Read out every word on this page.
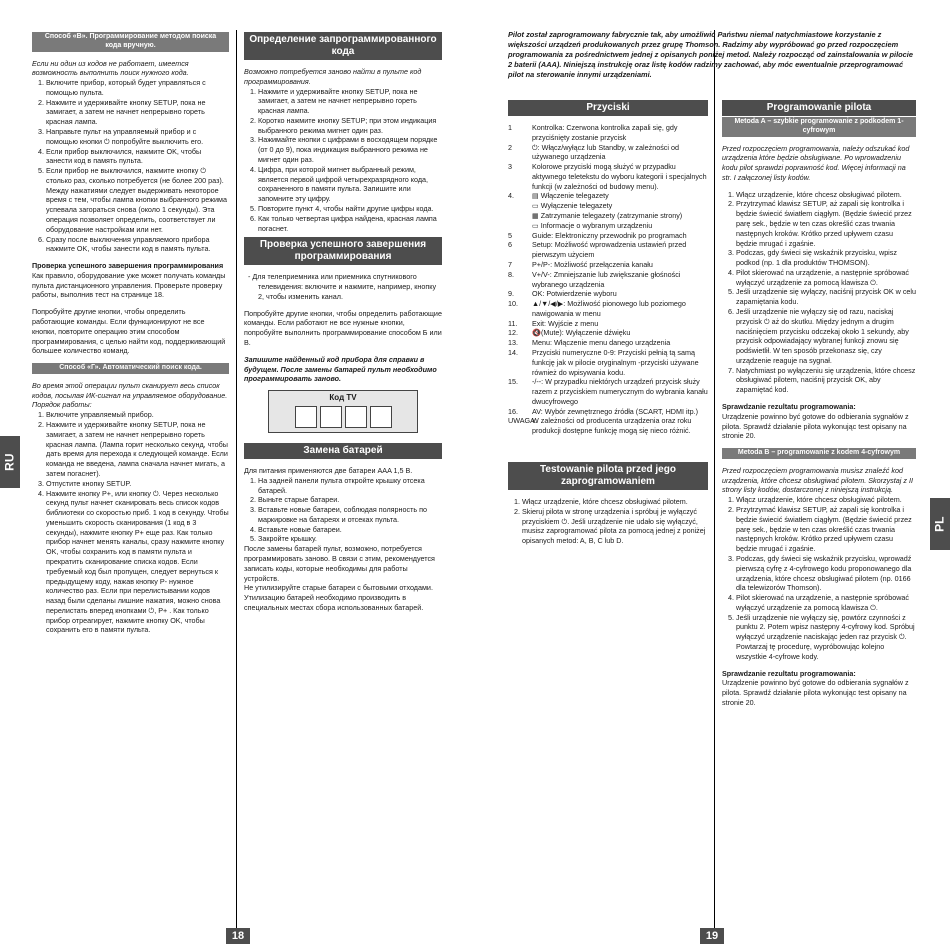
RU
18
Способ «B». Программирование методом поиска кода вручную.

Если ни один из кодов не работает, имеется возможность выполнить поиск нужного кода.

1. Включите прибор, который будет управляться с помощью пульта.
2. Нажмите и удерживайте кнопку SETUP, пока не замигает, а затем не начнет непрерывно гореть красная лампа.
3. Направьте пульт на управляемый прибор и с помощью кнопки ⏻ попробуйте выключить его.
4. Если прибор выключился, нажмите OK, чтобы занести код в память пульта.
5. Если прибор не выключился, нажмите кнопку ⏻ столько раз, сколько потребуется (не более 200 раз). Между нажатиями следует выдерживать некоторое время с тем, чтобы лампа кнопки выбранного режима успевала загораться снова (около 1 секунды). Эта операция позволяет определить, соответствует ли оборудование настройкам или нет.
6. Сразу после выключения управляемого прибора нажмите OK, чтобы занести код в память пульта.

Проверка успешного завершения программирования

Как правило, оборудование уже может получать команды пульта дистанционного управления. Проверьте проверку работы, выполнив тест на странице 18.

Попробуйте другие кнопки, чтобы определить работающие команды. Если функционируют не все кнопки, повторите операцию этим способом программирования, с целью найти код, поддерживающий большее количество команд.

Способ «Г». Автоматический поиск кода.

Во время этой операции пульт сканирует весь список кодов, посылая ИК-сигнал на управляемое оборудование. Порядок работы:

1. Включите управляемый прибор.
2. Нажмите и удерживайте кнопку SETUP, пока не замигает, а затем не начнет непрерывно гореть красная лампа. (Лампа горит несколько секунд, чтобы дать время для перехода к следующей команде. Если команда не введена, лампа сначала начнет мигать, а затем погаснет).
3. Отпустите кнопку SETUP.
4. Нажмите кнопку P+, или кнопку ⏻. Через несколько секунд пульт начнет сканировать весь список кодов библиотеки со скоростью приб. 1 код в секунду. Чтобы уменьшить скорость сканирования (1 код в 3 секунды), нажмите кнопку P+ еще раз. Как только прибор начнет менять каналы, сразу нажмите кнопку OK, чтобы сохранить код в памяти пульта и прекратить сканирование списка кодов. Если требуемый код был пропущен, следует вернуться к предыдущему коду, нажав кнопку P- нужное количество раз. Если при перелистывании кодов назад были сделаны лишние нажатия, можно снова перелистать вперед кнопками ⏻, P+ . Как только прибор отреагирует, нажмите кнопку OK, чтобы сохранить его в памяти пульта.
Определение запрограммированного кода

Возможно потребуется заново найти в пульте код программирования.

1. Нажмите и удерживайте кнопку SETUP, пока не замигает, а затем не начнет непрерывно гореть красная лампа.
2. Коротко нажмите кнопку SETUP; при этом индикация выбранного режима мигнет один раз.
3. Нажимайте кнопки с цифрами в восходящем порядке (от 0 до 9), пока индикация выбранного режима не мигнет один раз.
4. Цифра, при которой мигнет выбранный режим, является первой цифрой четырехразрядного кода, сохраненного в памяти пульта. Запишите или запомните эту цифру.
5. Повторите пункт 4, чтобы найти другие цифры кода.
6. Как только четвертая цифра найдена, красная лампа погаснет.
Проверка успешного завершения программирования

- Для телеприемника или приемника спутникового телевидения: включите и нажмите, например, кнопку 2, чтобы изменить канал.

Попробуйте другие кнопки, чтобы определить работающие команды. Если работают не все нужные кнопки, попробуйте выполнить программирование способом Б или В.

Запишите найденный код прибора для справки в будущем. После замены батарей пульт необходимо программировать заново.

Код TV
Замена батарей

Для питания применяются две батареи AAA 1,5 В.

1. На задней панели пульта откройте крышку отсека батарей.
2. Выньте старые батареи.
3. Вставьте новые батареи, соблюдая полярность по маркировке на батареях и отсеках пульта.
4. Вставьте новые батареи.
5. Закройте крышку.

После замены батарей пульт, возможно, потребуется программировать заново. В связи с этим, рекомендуется записать коды, которые необходимы для работы устройств.

Не утилизируйте старые батареи с бытовыми отходами. Утилизацию батарей необходимо производить в специальных местах сбора использованных батарей.

PL
19

Pilot został zaprogramowany fabrycznie tak, aby umożliwić Państwu niemal natychmiastowe korzystanie z większości urządzeń produkowanych przez grupę Thomson. Radzimy aby wypróbować go przed rozpoczęciem programowania za pośrednictwem jednej z opisanych poniżej metod. Należy rozpocząć od zainstalowania w pilocie 2 baterii (AAA). Niniejszą instrukcję oraz listę kodów radzimy zachować, aby móc ewentualnie przeprogramować pilot na sterowanie innymi urządzeniami.

Przyciski
1	Kontrolka: Czerwona kontrolka zapali się, gdy przyciśnięty zostanie przycisk
2	⏻: Włącz/wyłącz lub Standby, w zależności od używanego urządzenia
3	Kolorowe przyciski mogą służyć w przypadku aktywnego teletekstu do wyboru kategorii i specjalnych funkcji (w zależności od budowy menu).
4.	▤ Włączenie telegazety
▭ Wyłączenie telegazety
▦ Zatrzymanie telegazety (zatrzymanie strony)
▭ Informacje o wybranym urządzeniu
5	Guide: Elektroniczny przewodnik po programach
6	Setup: Możliwość wprowadzenia ustawień przed pierwszym użyciem
7	P+/P-: Możliwość przełączenia kanału
8.	V+/V-: Zmniejszanie lub zwiększanie głośności wybranego urządzenia
9.	OK: Potwierdzenie wyboru
10.	▲/▼/◀/▶: Możliwość pionowego lub poziomego nawigowania w menu
11.	Exit: Wyjście z menu
12.	🔇(Mute): Wyłączenie dźwięku
13.	Menu: Włączenie menu danego urządzenia
14.	Przyciski numeryczne 0-9: Przyciski pełnią tą samą funkcję jak w pilocie oryginalnym -przyciski używane również do wpisywania kodu.
15.	-/--: W przypadku niektórych urządzeń przycisk służy razem z przyciskiem numerycznym do wybrania kanału dwucyfrowego
16.	AV: Wybór zewnętrznego źródła (SCART, HDMI itp.)
UWAGA:
W zależności od producenta urządzenia oraz roku produkcji dostępne funkcję mogą się nieco różnić.
Testowanie pilota przed jego zaprogramowaniem
1. Włącz urządzenie, które chcesz obsługiwać pilotem.
2. Skieruj pilota w stronę urządzenia i spróbuj je wyłączyć przyciskiem ⏻. Jeśli urządzenie nie udało się wyłączyć, musisz zaprogramować pilota za pomocą jednej z poniżej opisanych metod: A, B, C lub D.
Programowanie pilota
Metoda A – szybkie programowanie z podkodem 1-cyfrowym

Przed rozpoczęciem programowania, należy odszukać kod urządzenia które będzie obsługiwane. Po wprowadzeniu kodu pilot sprawdzi poprawność kod. Więcej informacji na str. I załączonej listy kodów.

1. Włącz urządzenie, które chcesz obsługiwać pilotem.
2. Przytrzymać klawisz SETUP, aż zapali się kontrolka i będzie świecić światłem ciągłym. (Będzie świecić przez parę sek., będzie w ten czas określić czas trwania następnych kroków. Krótko przed upływem czasu będzie mrugać i zgaśnie.
3. Podczas, gdy świeci się wskaźnik przycisku, wpisz podkod (np. 1 dla produktów THOMSON).
4. Pilot skierować na urządzenie, a następnie spróbować wyłączyć urządzenie za pomocą klawisza ⏻.
5. Jeśli urządzenie się wyłączy, naciśnij przycisk OK w celu zapamiętania kodu.
6. Jeśli urządzenie nie wyłączy się od razu, naciskaj przycisk ⏻ aż do skutku. Między jednym a drugim naciśnięciem przycisku odczekaj około 1 sekundy, aby przycisk odpowiadający wybranej funkcji znowu się podświetlił. W ten sposób przekonasz się, czy urządzenie reaguje na sygnał.
7. Natychmiast po wyłączeniu się urządzenia, które chcesz obsługiwać pilotem, naciśnij przycisk OK, aby zapamiętać kod.

Sprawdzanie rezultatu programowania:

Urządzenie powinno być gotowe do odbierania sygnałów z pilota. Sprawdź działanie pilota wykonując test opisany na stronie 20.

Metoda B – programowanie z kodem 4-cyfrowym

Przed rozpoczęciem programowania musisz znaleźć kod urządzenia, które chcesz obsługiwać pilotem. Skorzystaj z II strony listy kodów, dostarczonej z niniejszą instrukcją.

1. Włącz urządzenie, które chcesz obsługiwać pilotem.
2. Przytrzymać klawisz SETUP, aż zapali się kontrolka i będzie świecić światłem ciągłym. (Będzie świecić przez parę sek., będzie w ten czas określić czas trwania następnych kroków. Krótko przed upływem czasu będzie mrugać i zgaśnie.
3. Podczas, gdy świeci się wskaźnik przycisku, wprowadź pierwszą cyfrę z 4-cyfrowego kodu proponowanego dla urządzenia, które chcesz obsługiwać pilotem (np. 0166 dla telewizorów Thomson).
4. Pilot skierować na urządzenie, a następnie spróbować wyłączyć urządzenie za pomocą klawisza ⏻.
5. Jeśli urządzenie nie wyłączy się, powtórz czynności z punktu 2. Potem wpisz następny 4-cyfrowy kod. Spróbuj wyłączyć urządzenie naciskając jeden raz przycisk ⏻. Powtarzaj tę procedurę, wypróbowując kolejno wszystkie 4-cyfrowe kody.

Sprawdzanie rezultatu programowania:

Urządzenie powinno być gotowe do odbierania sygnałów z pilota. Sprawdź działanie pilota wykonując test opisany na stronie 20.
